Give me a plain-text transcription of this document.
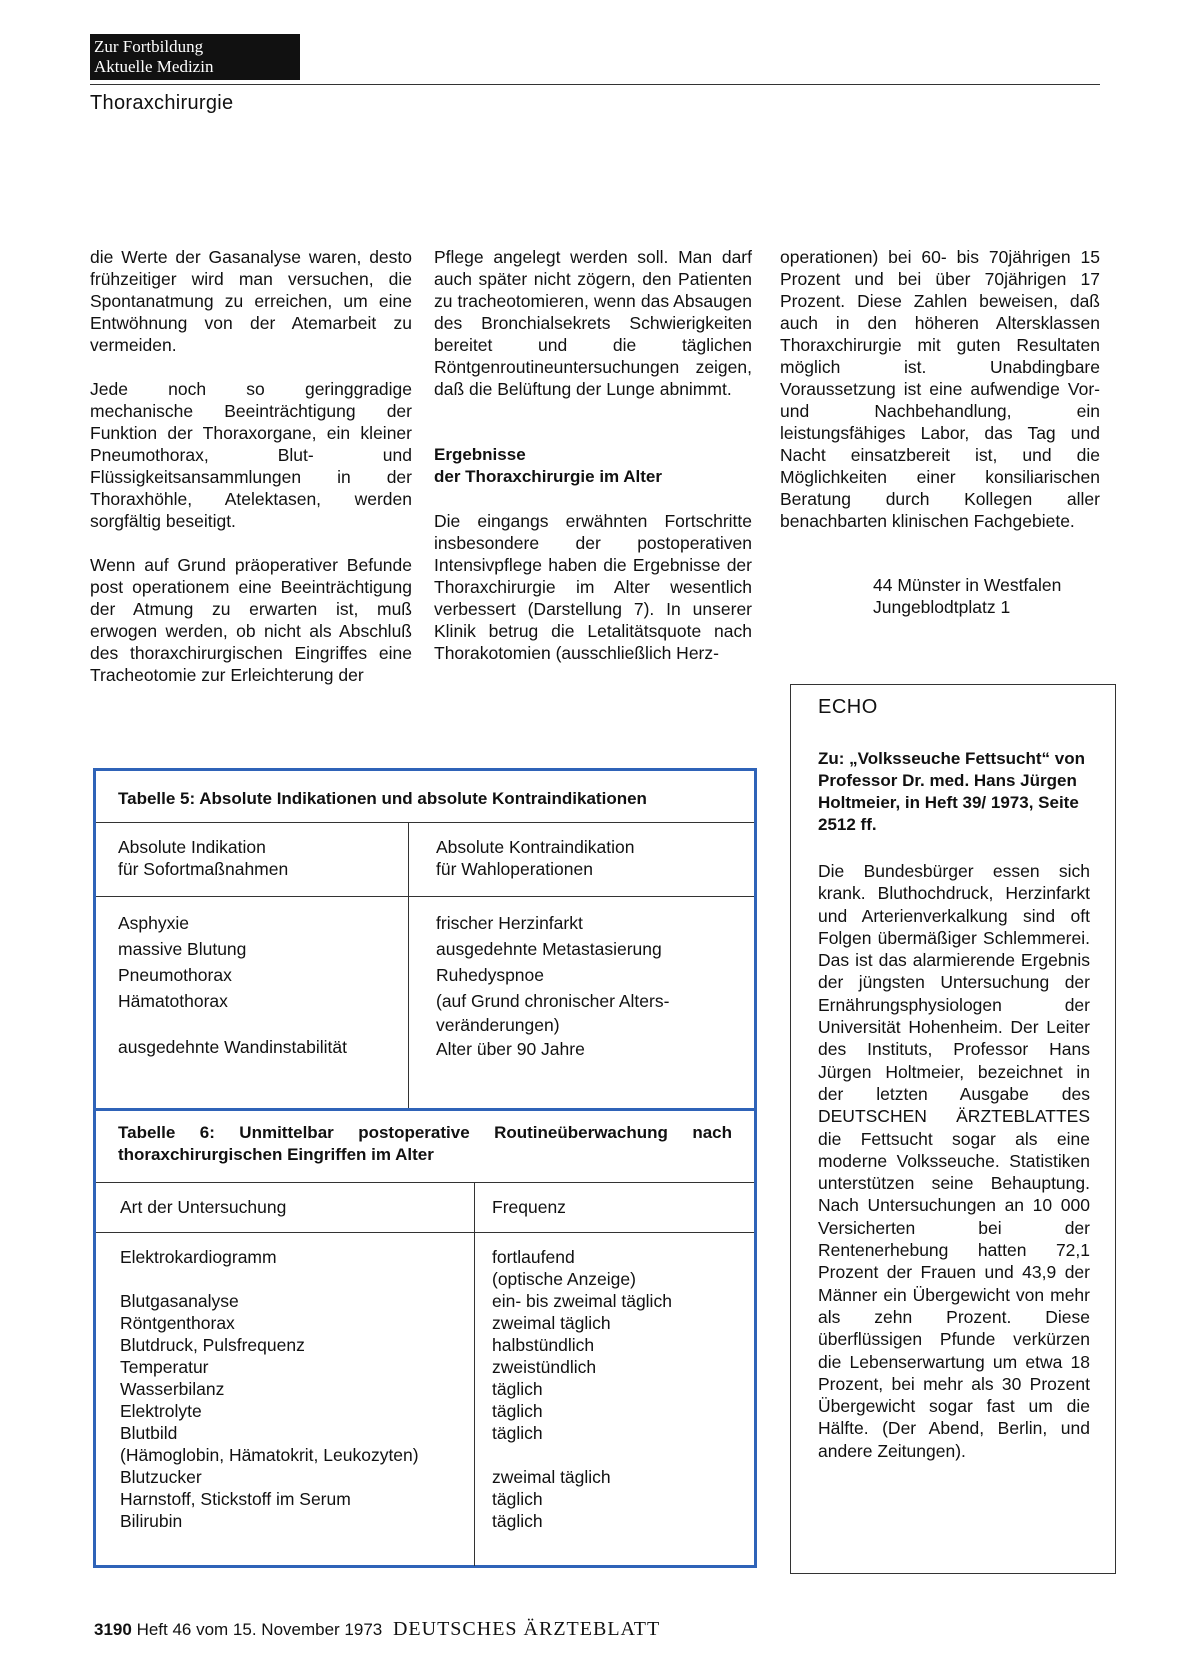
Zur Fortbildung
Aktuelle Medizin
Thoraxchirurgie

die Werte der Gasanalyse waren, desto frühzeitiger wird man versuchen, die Spontanatmung zu erreichen, um eine Entwöhnung von der Atemarbeit zu vermeiden.

Jede noch so geringgradige mechanische Beeinträchtigung der Funktion der Thoraxorgane, ein kleiner Pneumothorax, Blut- und Flüssigkeitsansammlungen in der Thoraxhöhle, Atelektasen, werden sorgfältig beseitigt.

Wenn auf Grund präoperativer Befunde post operationem eine Beeinträchtigung der Atmung zu erwarten ist, muß erwogen werden, ob nicht als Abschluß des thoraxchirurgischen Eingriffes eine Tracheotomie zur Erleichterung der

Pflege angelegt werden soll. Man darf auch später nicht zögern, den Patienten zu tracheotomieren, wenn das Absaugen des Bronchialsekrets Schwierigkeiten bereitet und die täglichen Röntgenroutineuntersuchungen zeigen, daß die Belüftung der Lunge abnimmt.

Ergebnisse
der Thoraxchirurgie im Alter

Die eingangs erwähnten Fortschritte insbesondere der postoperativen Intensivpflege haben die Ergebnisse der Thoraxchirurgie im Alter wesentlich verbessert (Darstellung 7). In unserer Klinik betrug die Letalitätsquote nach Thorakotomien (ausschließlich Herz-

operationen) bei 60- bis 70jährigen 15 Prozent und bei über 70jährigen 17 Prozent. Diese Zahlen beweisen, daß auch in den höheren Altersklassen Thoraxchirurgie mit guten Resultaten möglich ist. Unabdingbare Voraussetzung ist eine aufwendige Vor- und Nachbehandlung, ein leistungsfähiges Labor, das Tag und Nacht einsatzbereit ist, und die Möglichkeiten einer konsiliarischen Beratung durch Kollegen aller benachbarten klinischen Fachgebiete.

44 Münster in Westfalen
Jungeblodtplatz 1
Tabelle 5: Absolute Indikationen und absolute Kontraindikationen
Absolute Indikation
für Sofortmaßnahmen
Absolute Kontraindikation
für Wahloperationen
Asphyxie
massive Blutung
Pneumothorax
Hämatothorax
ausgedehnte Wandinstabilität
frischer Herzinfarkt
ausgedehnte Metastasierung
Ruhedyspnoe
(auf Grund chronischer Alters-
veränderungen)
Alter über 90 Jahre
Tabelle 6: Unmittelbar postoperative Routineüberwachung nach thoraxchirurgischen Eingriffen im Alter
Art der Untersuchung	Frequenz
Elektrokardiogramm
Blutgasanalyse
Röntgenthorax
Blutdruck, Pulsfrequenz
Temperatur
Wasserbilanz
Elektrolyte
Blutbild
(Hämoglobin, Hämatokrit, Leukozyten)
Blutzucker
Harnstoff, Stickstoff im Serum
Bilirubin
fortlaufend
(optische Anzeige)
ein- bis zweimal täglich
zweimal täglich
halbstündlich
zweistündlich
täglich
täglich
täglich
zweimal täglich
täglich
täglich
ECHO
Zu: „Volksseuche Fettsucht“ von Professor Dr. med. Hans Jürgen Holtmeier, in Heft 39/ 1973, Seite 2512 ff.
Die Bundesbürger essen sich krank. Bluthochdruck, Herzinfarkt und Arterienverkalkung sind oft Folgen übermäßiger Schlemmerei. Das ist das alarmierende Ergebnis der jüngsten Untersuchung der Ernährungsphysiologen der Universität Hohenheim. Der Leiter des Instituts, Professor Hans Jürgen Holtmeier, bezeichnet in der letzten Ausgabe des DEUTSCHEN ÄRZTEBLATTES die Fettsucht sogar als eine moderne Volksseuche. Statistiken unterstützen seine Behauptung. Nach Untersuchungen an 10 000 Versicherten bei der Rentenerhebung hatten 72,1 Prozent der Frauen und 43,9 der Männer ein Übergewicht von mehr als zehn Prozent. Diese überflüssigen Pfunde verkürzen die Lebenserwartung um etwa 18 Prozent, bei mehr als 30 Prozent Übergewicht sogar fast um die Hälfte. (Der Abend, Berlin, und andere Zeitungen).
3190 Heft 46 vom 15. November 1973 DEUTSCHES ÄRZTEBLATT
